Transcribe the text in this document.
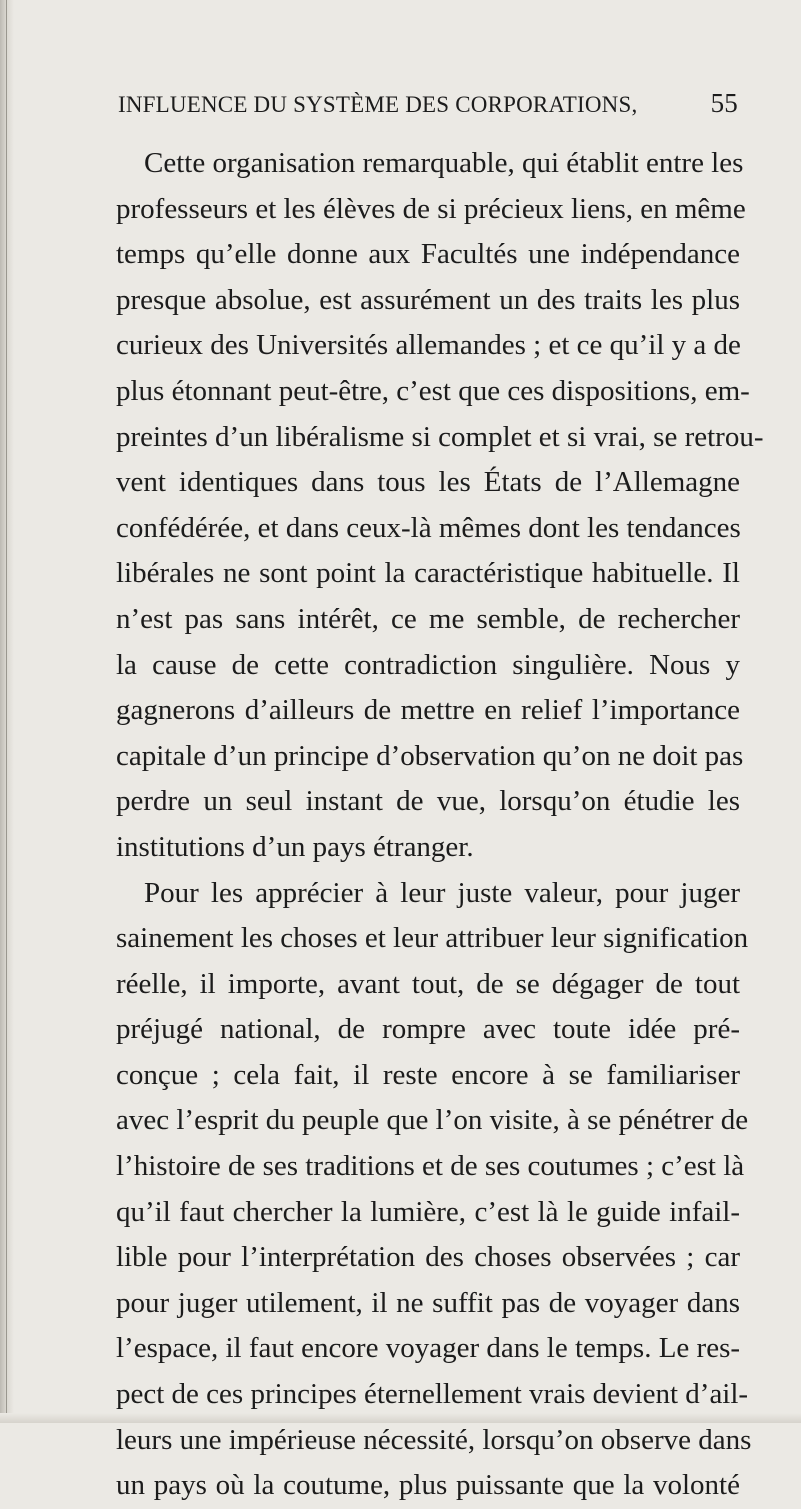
INFLUENCE DU SYSTÈME DES CORPORATIONS,	55
Cette organisation remarquable, qui établit entre les
professeurs et les élèves de si précieux liens, en même
temps qu’elle donne aux Facultés une indépendance
presque absolue, est assurément un des traits les plus
curieux des Universités allemandes ; et ce qu’il y a de
plus étonnant peut-être, c’est que ces dispositions, em-
preintes d’un libéralisme si complet et si vrai, se retrou-
vent identiques dans tous les États de l’Allemagne
confédérée, et dans ceux-là mêmes dont les tendances
libérales ne sont point la caractéristique habituelle. Il
n’est pas sans intérêt, ce me semble, de rechercher
la cause de cette contradiction singulière. Nous y
gagnerons d’ailleurs de mettre en relief l’importance
capitale d’un principe d’observation qu’on ne doit pas
perdre un seul instant de vue, lorsqu’on étudie les
institutions d’un pays étranger.
Pour les apprécier à leur juste valeur, pour juger
sainement les choses et leur attribuer leur signification
réelle, il importe, avant tout, de se dégager de tout
préjugé national, de rompre avec toute idée pré-
conçue ; cela fait, il reste encore à se familiariser
avec l’esprit du peuple que l’on visite, à se pénétrer de
l’histoire de ses traditions et de ses coutumes ; c’est là
qu’il faut chercher la lumière, c’est là le guide infail-
lible pour l’interprétation des choses observées ; car
pour juger utilement, il ne suffit pas de voyager dans
l’espace, il faut encore voyager dans le temps. Le res-
pect de ces principes éternellement vrais devient d’ail-
leurs une impérieuse nécessité, lorsqu’on observe dans
un pays où la coutume, plus puissante que la volonté
